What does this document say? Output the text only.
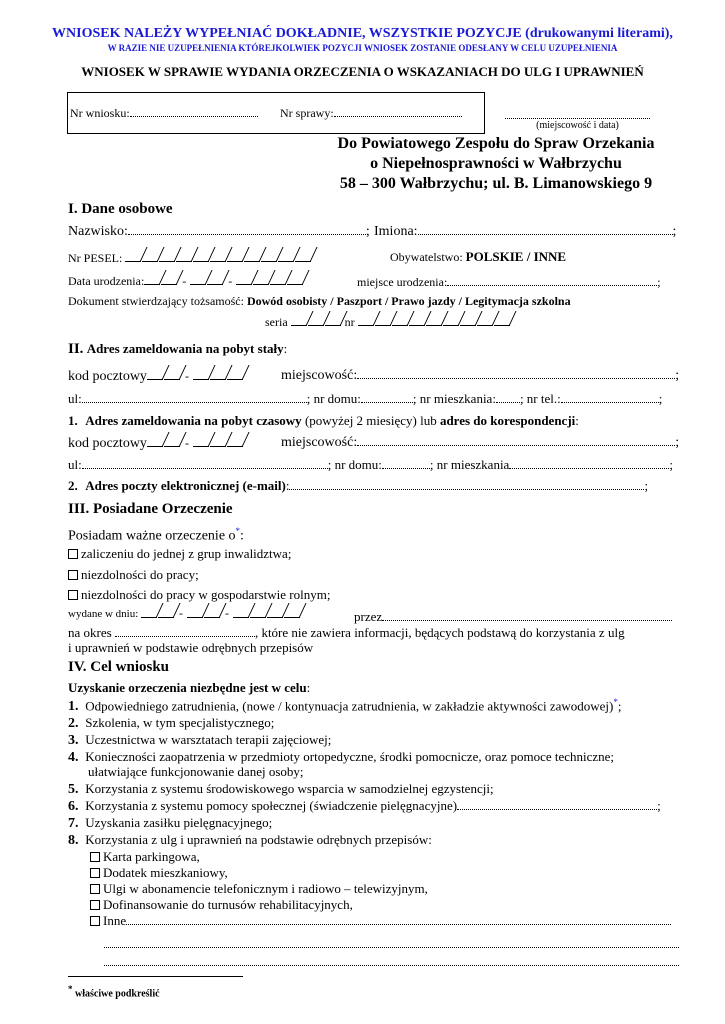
WNIOSEK NALEŻY WYPEŁNIAĆ DOKŁADNIE, WSZYSTKIE POZYCJE (drukowanymi literami),
W RAZIE NIE UZUPEŁNIENIA KTÓREJKOLWIEK POZYCJI WNIOSEK ZOSTANIE ODESŁANY W CELU UZUPEŁNIENIA
WNIOSEK W SPRAWIE WYDANIA ORZECZENIA O WSKAZANIACH DO ULG I UPRAWNIEŃ
Nr wniosku:	Nr sprawy:
(miejscowość i data)
Do Powiatowego Zespołu do Spraw Orzekania
o Niepełnosprawności w Wałbrzychu
58 – 300 Wałbrzychu; ul. B. Limanowskiego 9
I. Dane osobowe
Nazwisko:	; Imiona:	;
Nr PESEL:	Obywatelstwo: POLSKIE / INNE
Data urodzenia:	-	-	miejsce urodzenia:	;
Dokument stwierdzający tożsamość: Dowód osobisty / Paszport / Prawo jazdy / Legitymacja szkolna
seria	nr
II. Adres zameldowania na pobyt stały:
kod pocztowy	-	miejscowość:	;
ul:	; nr domu:	; nr mieszkania: ; nr tel.:	;
1. Adres zameldowania na pobyt czasowy (powyżej 2 miesięcy) lub adres do korespondencji:
kod pocztowy	-	miejscowość:	;
ul:	; nr domu:	; nr mieszkania	;
2. Adres poczty elektronicznej (e-mail):	;
III. Posiadane Orzeczenie
Posiadam ważne orzeczenie o*:
zaliczeniu do jednej z grup inwalidztwa;
niezdolności do pracy;
niezdolności do pracy w gospodarstwie rolnym;
wydane w dniu:	-	-	przez
na okres	, które nie zawiera informacji, będących podstawą do korzystania z ulg
i uprawnień w podstawie odrębnych przepisów
IV. Cel wniosku
Uzyskanie orzeczenia niezbędne jest w celu:
1. Odpowiedniego zatrudnienia, (nowe / kontynuacja zatrudnienia, w zakładzie aktywności zawodowej)*;
2. Szkolenia, w tym specjalistycznego;
3. Uczestnictwa w warsztatach terapii zajęciowej;
4. Konieczności zaopatrzenia w przedmioty ortopedyczne, środki pomocnicze, oraz pomoce techniczne;
ułatwiające funkcjonowanie danej osoby;
5. Korzystania z systemu środowiskowego wsparcia w samodzielnej egzystencji;
6. Korzystania z systemu pomocy społecznej (świadczenie pielęgnacyjne)	;
7. Uzyskania zasiłku pielęgnacyjnego;
8. Korzystania z ulg i uprawnień na podstawie odrębnych przepisów:
Karta parkingowa,
Dodatek mieszkaniowy,
Ulgi w abonamencie telefonicznym i radiowo – telewizyjnym,
Dofinansowanie do turnusów rehabilitacyjnych,
Inne
* właściwe podkreślić
